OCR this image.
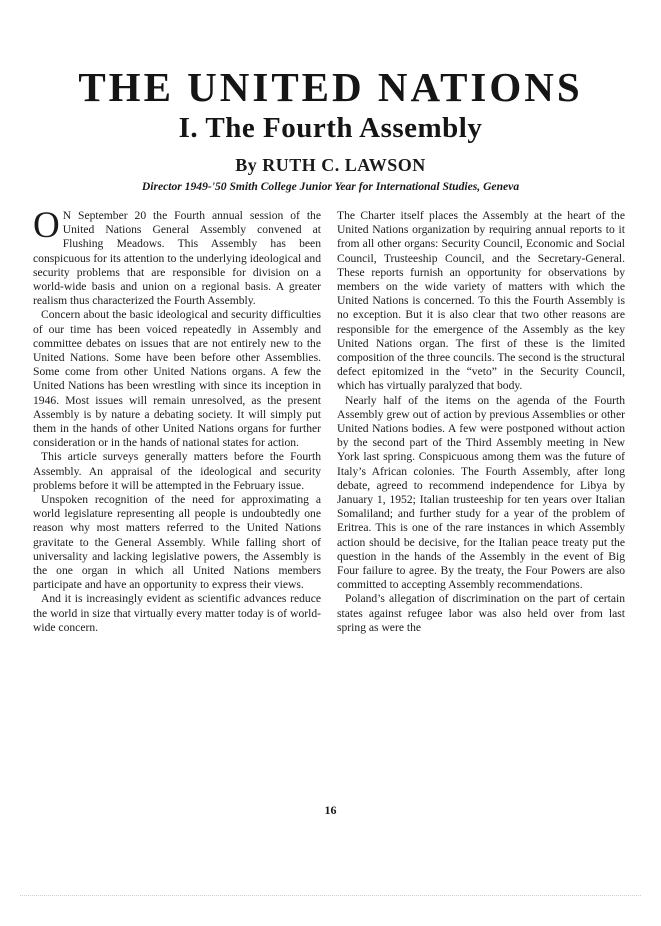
THE UNITED NATIONS
I. The Fourth Assembly
By RUTH C. LAWSON
Director 1949-'50 Smith College Junior Year for International Studies, Geneva

O N September 20 the Fourth annual session of the United Nations General Assembly convened at Flushing Meadows. This Assembly has been conspicuous for its attention to the underlying ideological and security problems that are responsible for division on a world-wide basis and union on a regional basis. A greater realism thus characterized the Fourth Assembly.

Concern about the basic ideological and security difficulties of our time has been voiced repeatedly in Assembly and committee debates on issues that are not entirely new to the United Nations. Some have been before other Assemblies. Some come from other United Nations organs. A few the United Nations has been wrestling with since its inception in 1946. Most issues will remain unresolved, as the present Assembly is by nature a debating society. It will simply put them in the hands of other United Nations organs for further consideration or in the hands of national states for action.

This article surveys generally matters before the Fourth Assembly. An appraisal of the ideological and security problems before it will be attempted in the February issue.

Unspoken recognition of the need for approximating a world legislature representing all people is undoubtedly one reason why most matters referred to the United Nations gravitate to the General Assembly. While falling short of universality and lacking legislative powers, the Assembly is the one organ in which all United Nations members participate and have an opportunity to express their views.

And it is increasingly evident as scientific advances reduce the world in size that virtually every matter today is of world-wide concern.

The Charter itself places the Assembly at the heart of the United Nations organization by requiring annual reports to it from all other organs: Security Council, Economic and Social Council, Trusteeship Council, and the Secretary-General. These reports furnish an opportunity for observations by members on the wide variety of matters with which the United Nations is concerned. To this the Fourth Assembly is no exception. But it is also clear that two other reasons are responsible for the emergence of the Assembly as the key United Nations organ. The first of these is the limited composition of the three councils. The second is the structural defect epitomized in the “veto” in the Security Council, which has virtually paralyzed that body.

Nearly half of the items on the agenda of the Fourth Assembly grew out of action by previous Assemblies or other United Nations bodies. A few were postponed without action by the second part of the Third Assembly meeting in New York last spring. Conspicuous among them was the future of Italy’s African colonies. The Fourth Assembly, after long debate, agreed to recommend independence for Libya by January 1, 1952; Italian trusteeship for ten years over Italian Somaliland; and further study for a year of the problem of Eritrea. This is one of the rare instances in which Assembly action should be decisive, for the Italian peace treaty put the question in the hands of the Assembly in the event of Big Four failure to agree. By the treaty, the Four Powers are also committed to accepting Assembly recommendations.

Poland’s allegation of discrimination on the part of certain states against refugee labor was also held over from last spring as were the

16
